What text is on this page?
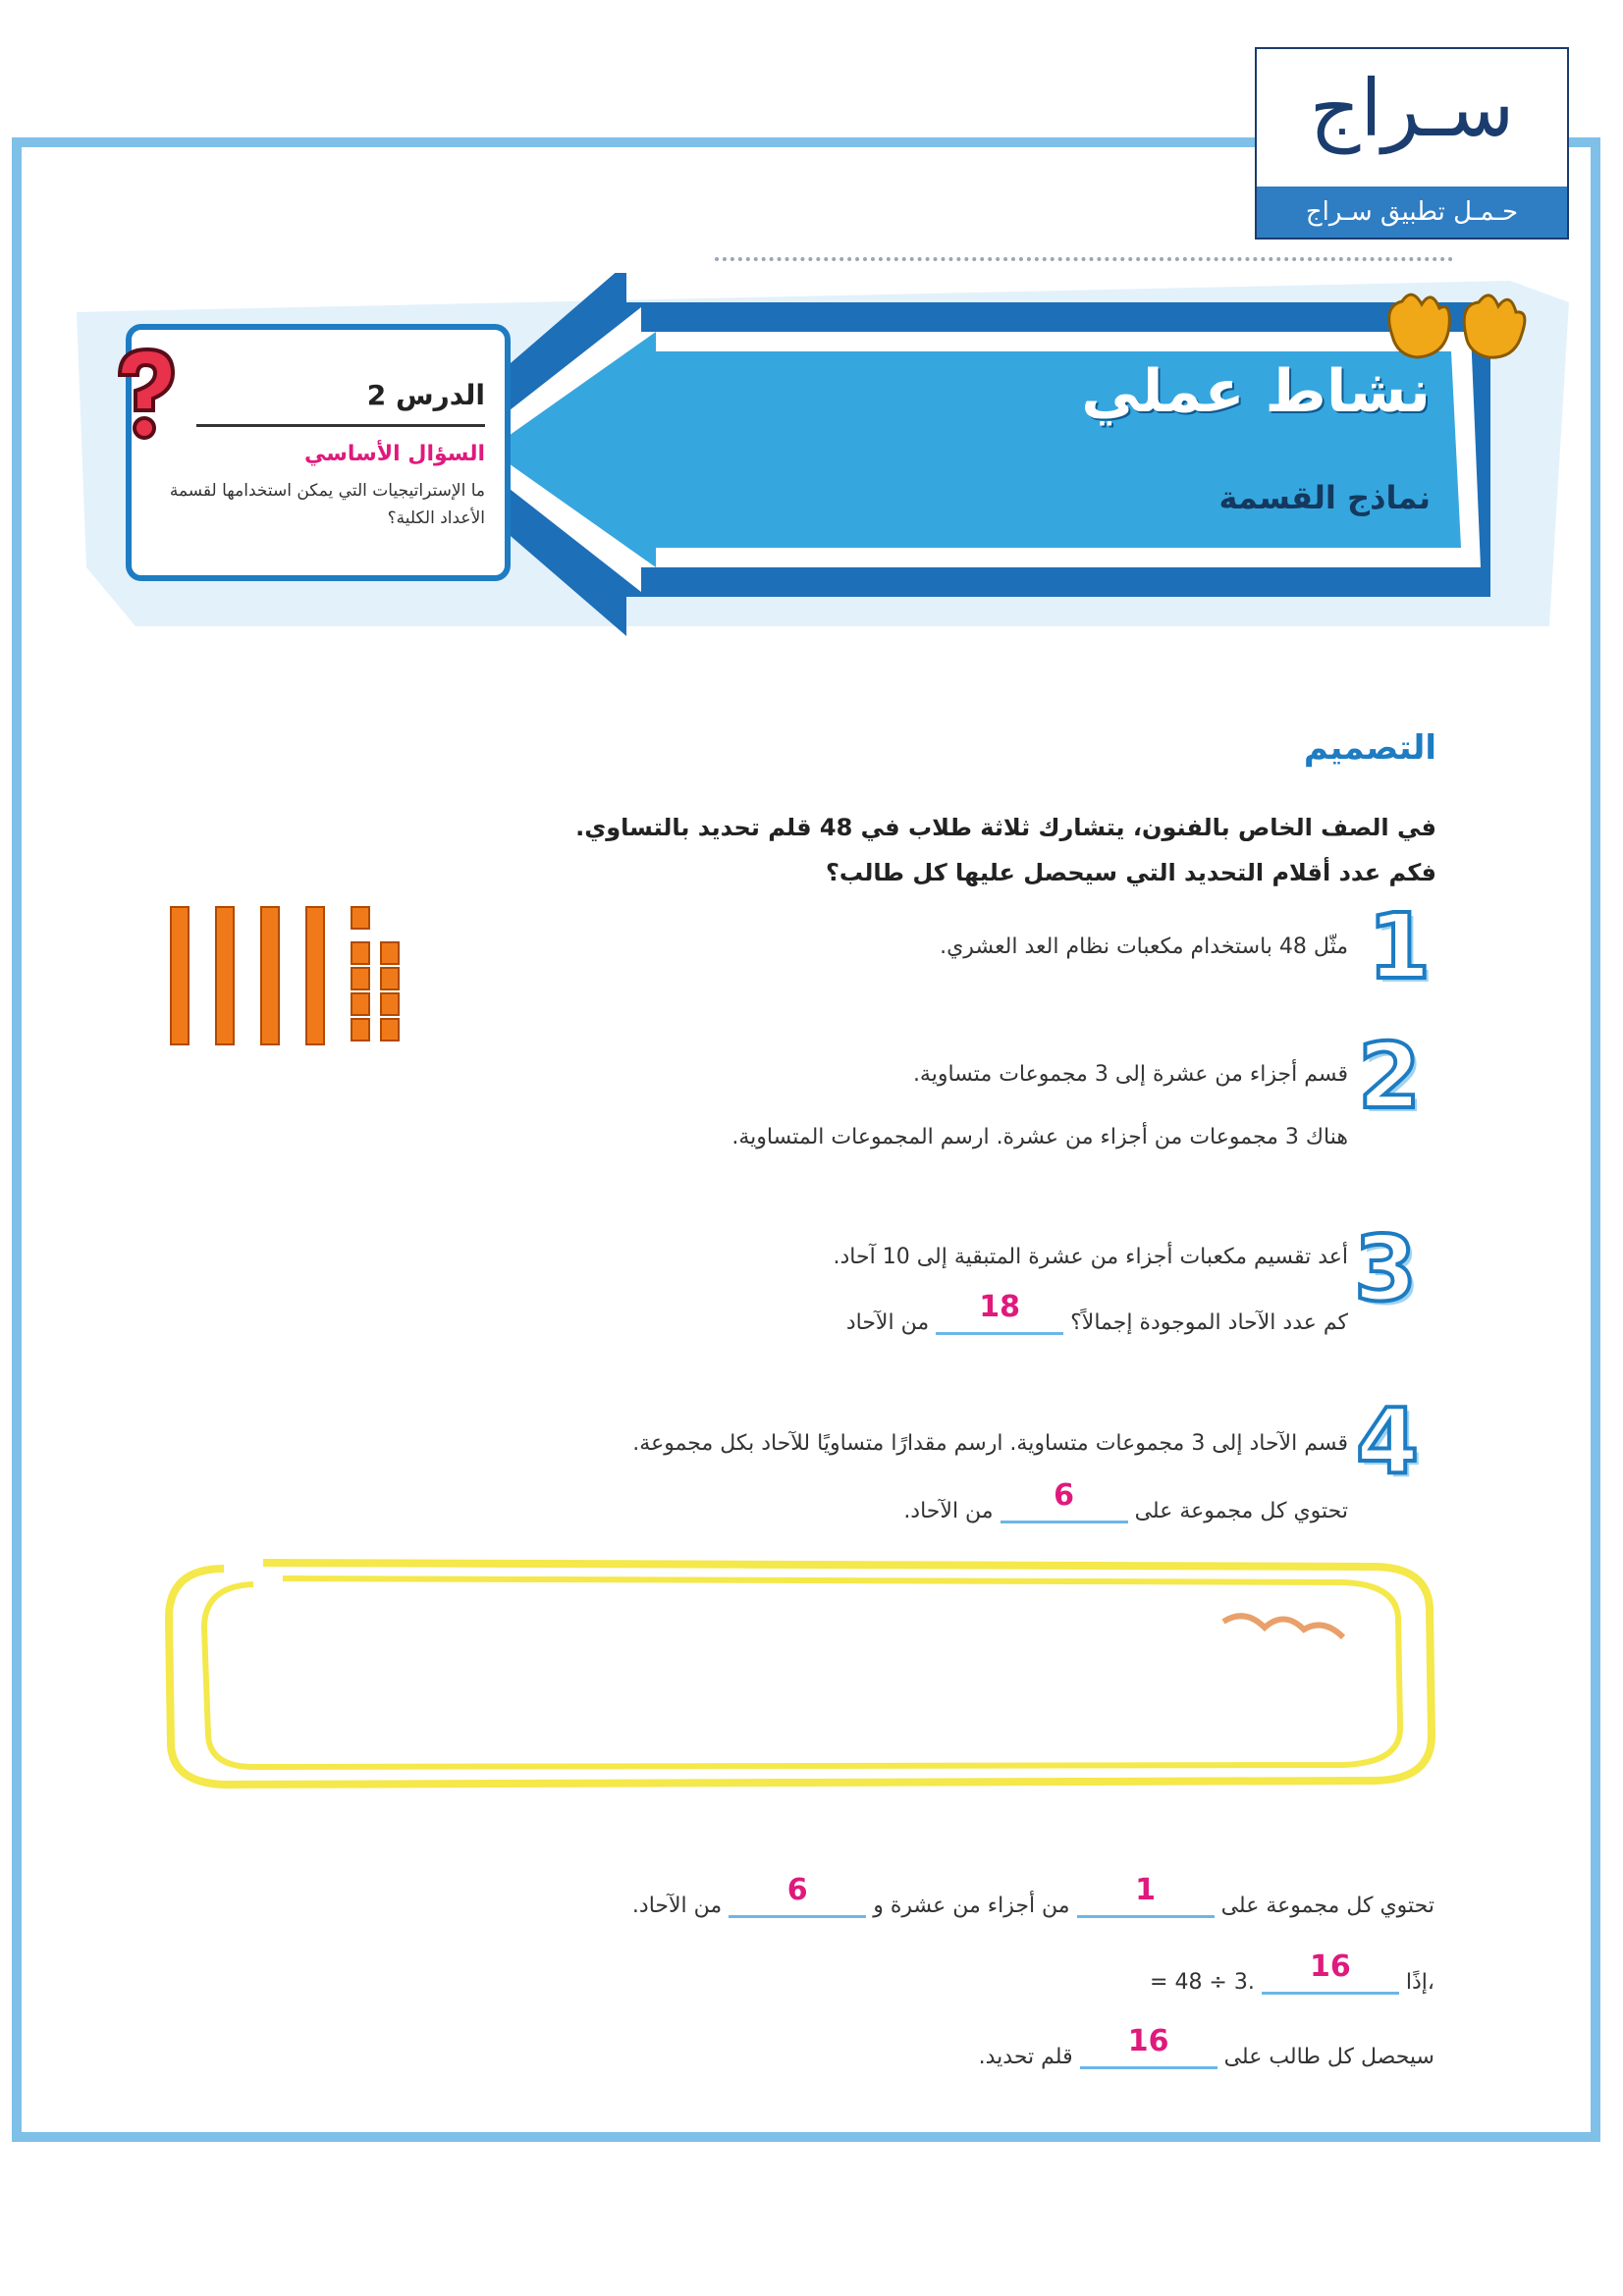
سـراج
حـمـل تطبيق سـراج
نشاط عملي
نماذج القسمة
الدرس 2
السؤال الأساسي
ما الإستراتيجيات التي يمكن استخدامها لقسمة الأعداد الكلية؟
التصميم
في الصف الخاص بالفنون، يتشارك ثلاثة طلاب في 48 قلم تحديد بالتساوي.
فكم عدد أقلام التحديد التي سيحصل عليها كل طالب؟
1
مثّل 48 باستخدام مكعبات نظام العد العشري.
2
قسم أجزاء من عشرة إلى 3 مجموعات متساوية.
هناك 3 مجموعات من أجزاء من عشرة. ارسم المجموعات المتساوية.
3
أعد تقسيم مكعبات أجزاء من عشرة المتبقية إلى 10 آحاد.
كم عدد الآحاد الموجودة إجمالاً؟ 18 من الآحاد
4
قسم الآحاد إلى 3 مجموعات متساوية. ارسم مقدارًا متساويًا للآحاد بكل مجموعة.
تحتوي كل مجموعة على 6 من الآحاد.
تحتوي كل مجموعة على 1 من أجزاء من عشرة و 6 من الآحاد.
= 48 ÷ 3. 16	إذًا،
سيحصل كل طالب على 16 قلم تحديد.
